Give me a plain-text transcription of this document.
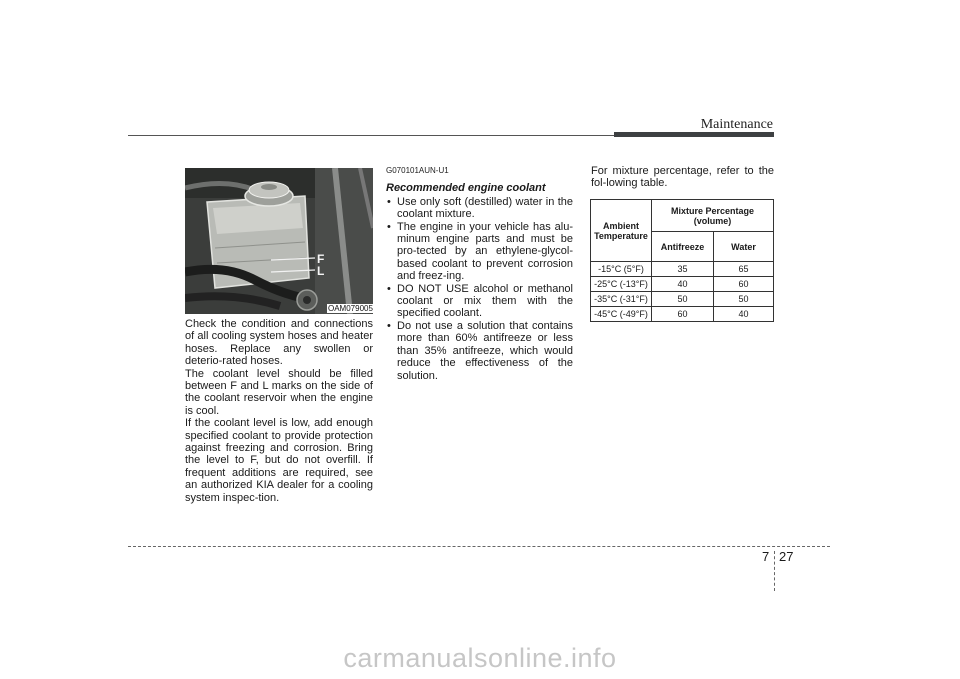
Maintenance
F
L
OAM079005

Check the condition and connections of all cooling system hoses and heater hoses. Replace any swollen or deterio-rated hoses.

The coolant level should be filled between F and L marks on the side of the coolant reservoir when the engine is cool.

If the coolant level is low, add enough specified coolant to provide protection against freezing and corrosion. Bring the level to F, but do not overfill. If frequent additions are required, see an authorized KIA dealer for a cooling system inspec-tion.

G070101AUN-U1
Recommended engine coolant
• Use only soft (destilled) water in the coolant mixture.
• The engine in your vehicle has alu-minum engine parts and must be pro-tected by an ethylene-glycol-based coolant to prevent corrosion and freez-ing.
• DO NOT USE alcohol or methanol coolant or mix them with the specified coolant.
• Do not use a solution that contains more than 60% antifreeze or less than 35% antifreeze, which would reduce the effectiveness of the solution.

For mixture percentage, refer to the fol-lowing table.

Ambient Temperature	Mixture Percentage (volume)	
	Antifreeze	Water
-15°C (5°F)	35	65
-25°C (-13°F)	40	60
-35°C (-31°F)	50	50
-45°C (-49°F)	60	40
7 27
carmanualsonline.info
